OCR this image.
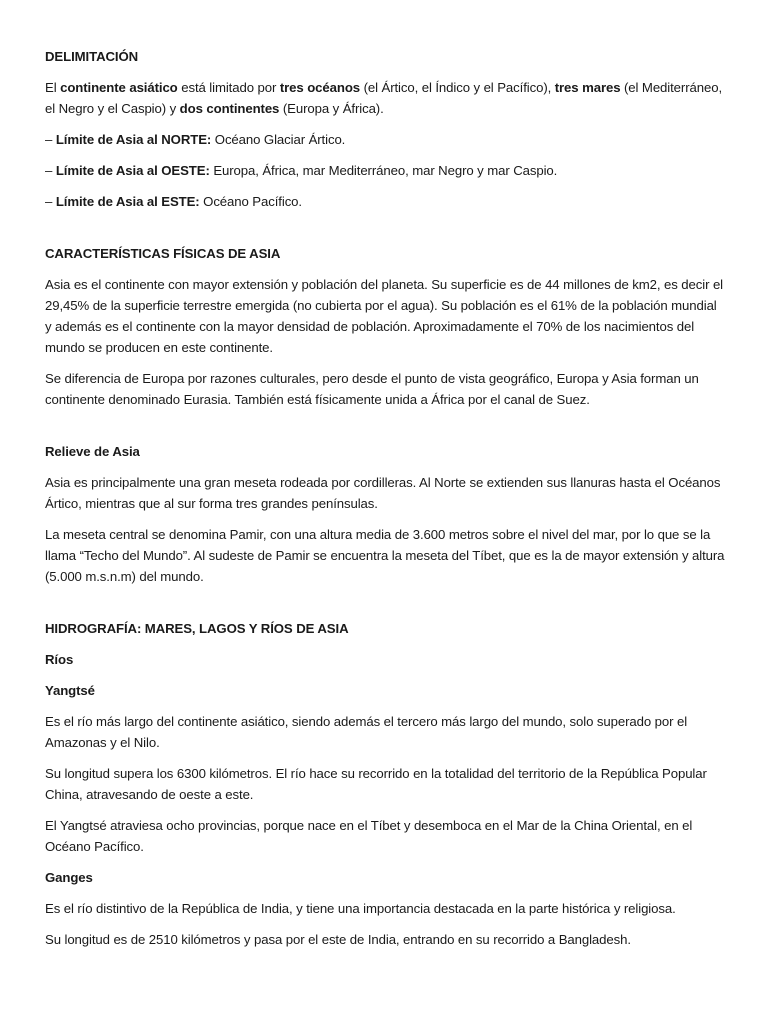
DELIMITACIÓN

El continente asiático está limitado por tres océanos (el Ártico, el Índico y el Pacífico), tres mares (el Mediterráneo, el Negro y el Caspio) y dos continentes (Europa y África).

– Límite de Asia al NORTE: Océano Glaciar Ártico.

– Límite de Asia al OESTE: Europa, África, mar Mediterráneo, mar Negro y mar Caspio.

– Límite de Asia al ESTE: Océano Pacífico.

CARACTERÍSTICAS FÍSICAS DE ASIA

Asia es el continente con mayor extensión y población del planeta. Su superficie es de 44 millones de km2, es decir el 29,45% de la superficie terrestre emergida (no cubierta por el agua). Su población es el 61% de la población mundial y además es el continente con la mayor densidad de población. Aproximadamente el 70% de los nacimientos del mundo se producen en este continente.

Se diferencia de Europa por razones culturales, pero desde el punto de vista geográfico, Europa y Asia forman un continente denominado Eurasia. También está físicamente unida a África por el canal de Suez.

Relieve de Asia

Asia es principalmente una gran meseta rodeada por cordilleras. Al Norte se extienden sus llanuras hasta el Océanos Ártico, mientras que al sur forma tres grandes penínsulas.

La meseta central se denomina Pamir, con una altura media de 3.600 metros sobre el nivel del mar, por lo que se la llama “Techo del Mundo”. Al sudeste de Pamir se encuentra la meseta del Tíbet, que es la de mayor extensión y altura (5.000 m.s.n.m) del mundo.

HIDROGRAFÍA: MARES, LAGOS Y RÍOS DE ASIA

Ríos

Yangtsé

Es el río más largo del continente asiático, siendo además el tercero más largo del mundo, solo superado por el Amazonas y el Nilo.

Su longitud supera los 6300 kilómetros. El río hace su recorrido en la totalidad del territorio de la República Popular China, atravesando de oeste a este.

El Yangtsé atraviesa ocho provincias, porque nace en el Tíbet y desemboca en el Mar de la China Oriental, en el Océano Pacífico.

Ganges

Es el río distintivo de la República de India, y tiene una importancia destacada en la parte histórica y religiosa.

Su longitud es de 2510 kilómetros y pasa por el este de India, entrando en su recorrido a Bangladesh.
